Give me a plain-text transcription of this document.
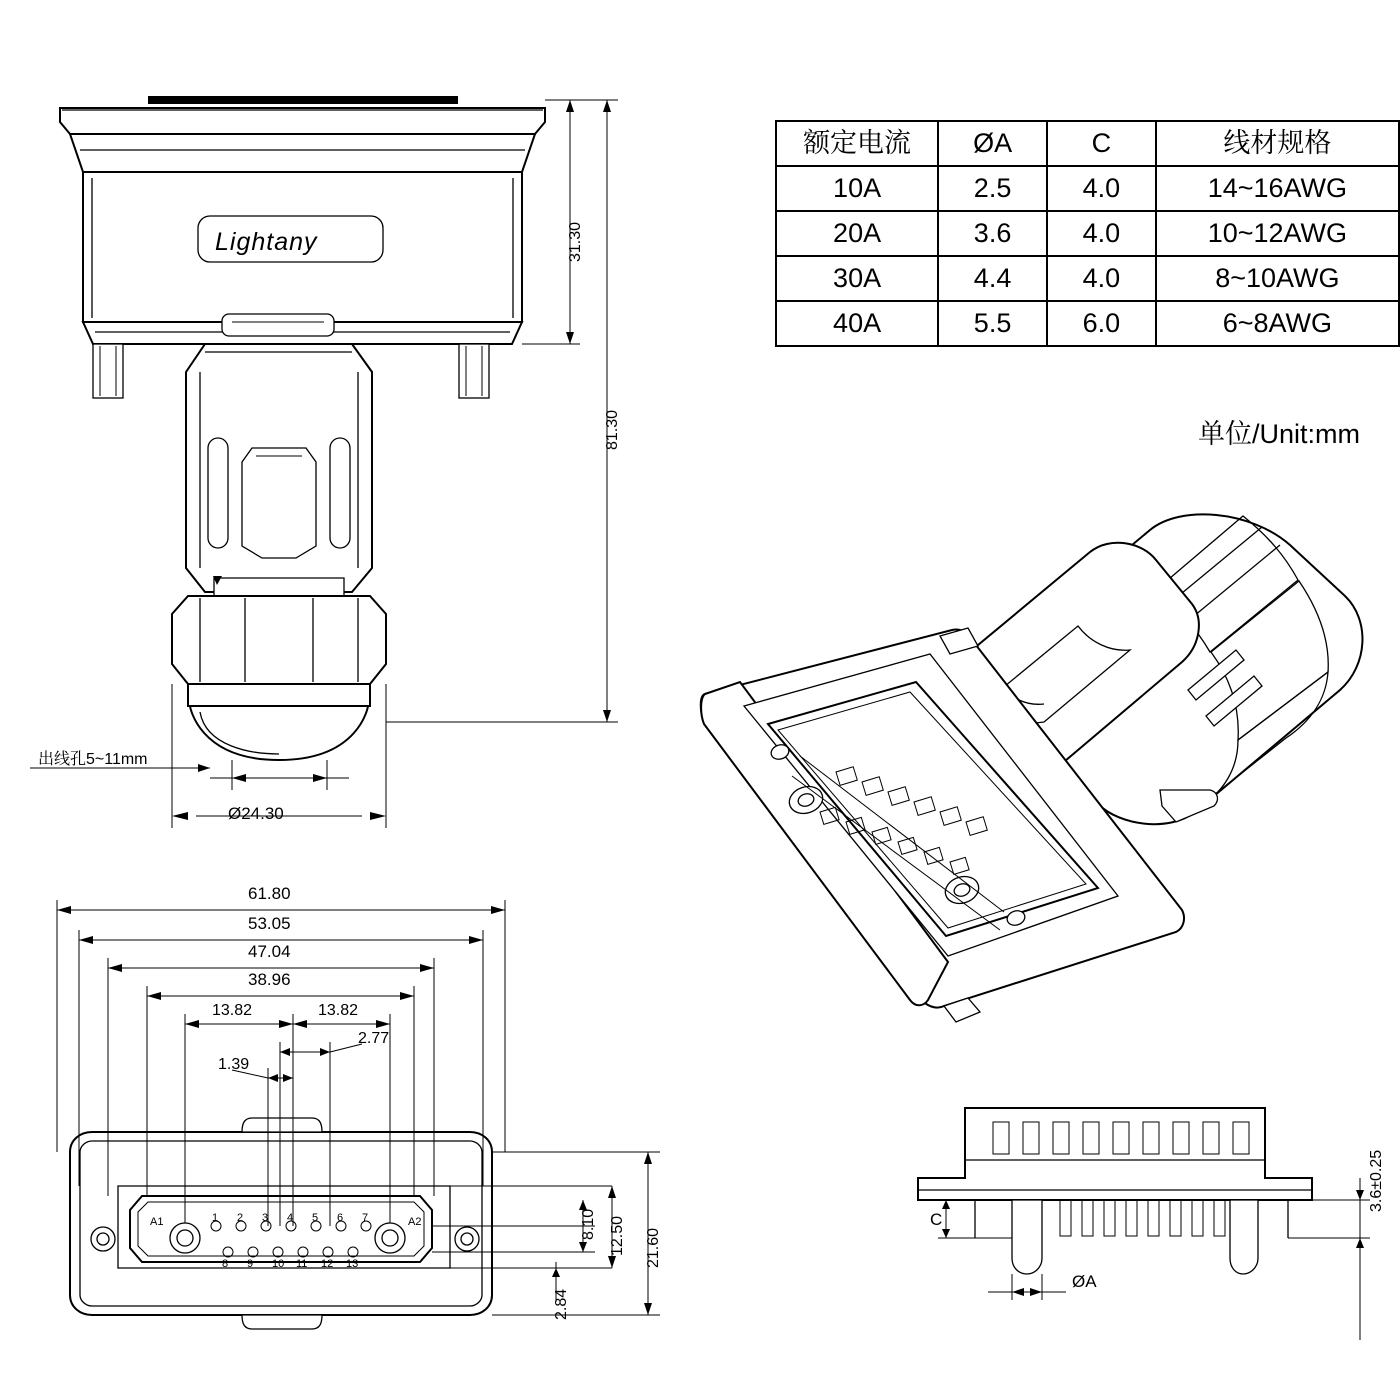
额定电流	ØA	C	线材规格
10A	2.5	4.0	14~16AWG
20A	3.6	4.0	10~12AWG
30A	4.4	4.0	8~10AWG
40A	5.5	6.0	6~8AWG
单位/Unit:mm
Lightany	31.30
81.30
出线孔5~11mm
Ø24.30
61.80
53.05
47.04
38.96
13.82	13.82
2.77
1.39
8.10 12.50 21.60
2.84
1 2 3 4 5 6 7
8 9 10 11 12 13
A1	A2	C
ØA
3.6±0.25
